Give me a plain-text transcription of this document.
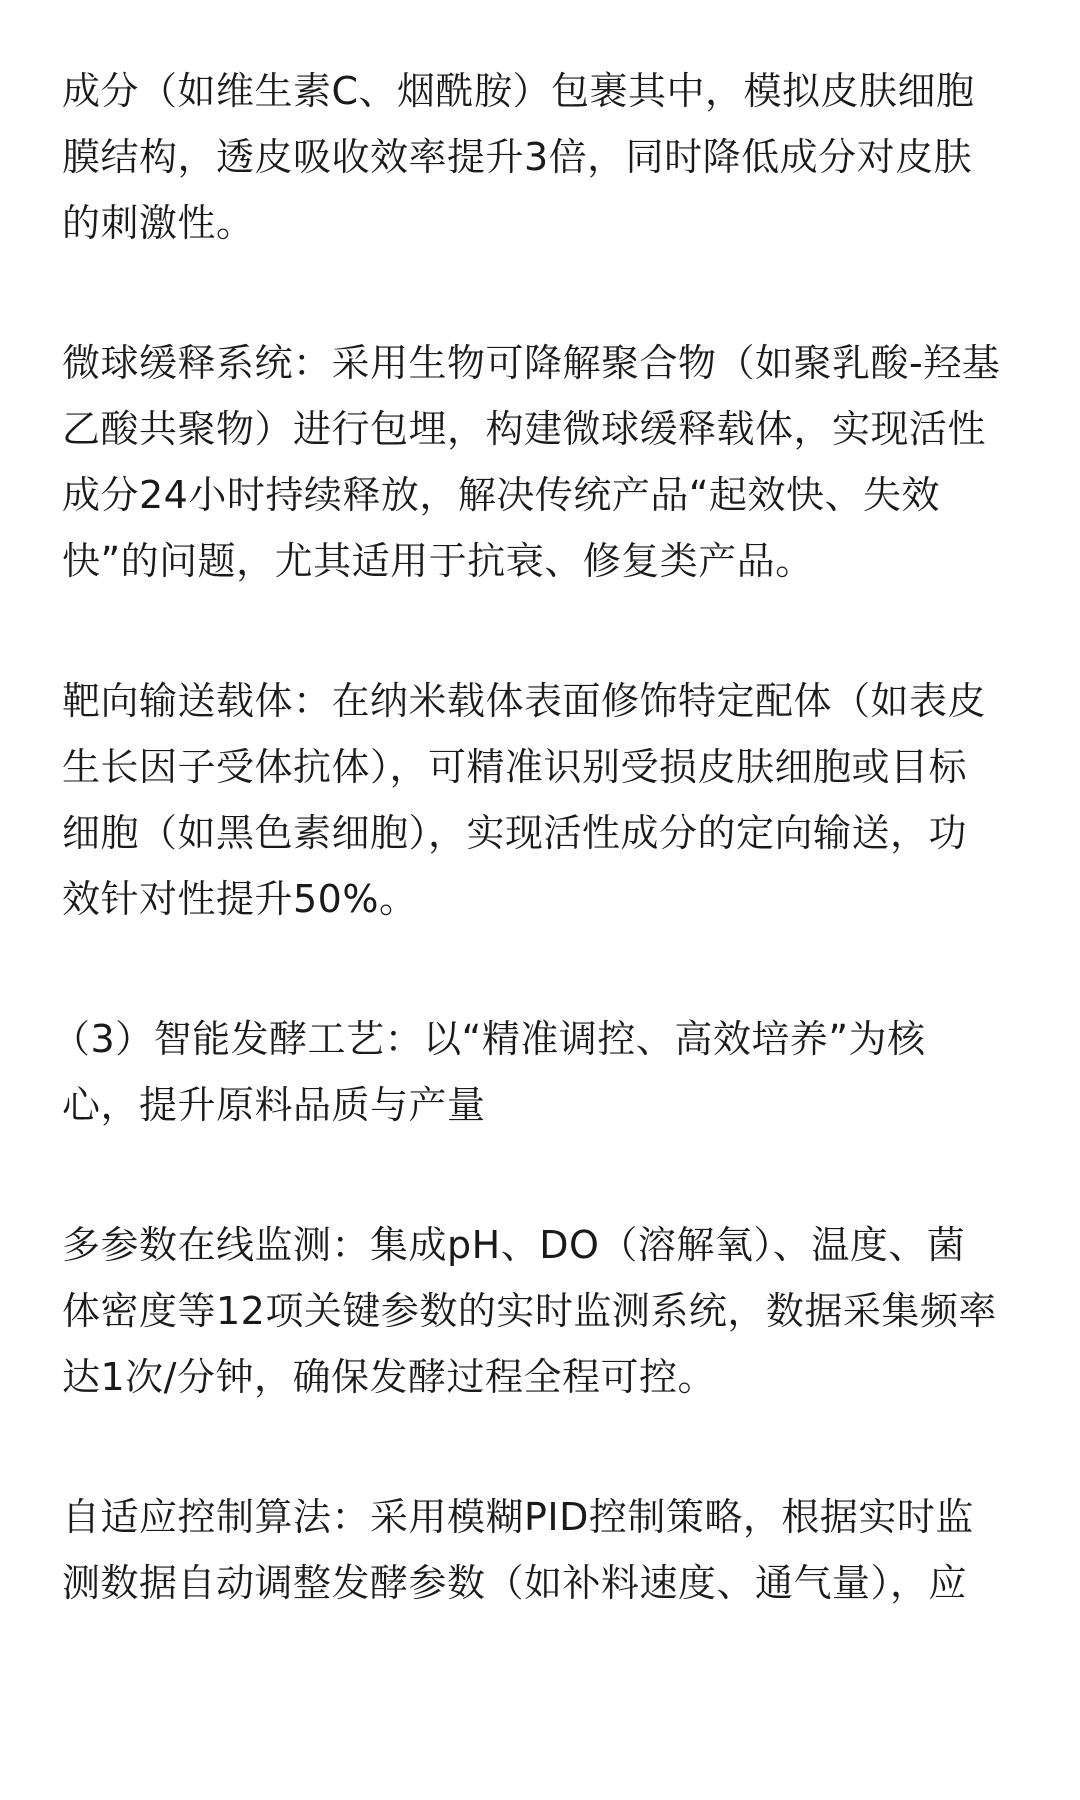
成分（如维生素C、烟酰胺）包裹其中，模拟皮肤细胞
膜结构，透皮吸收效率提升3倍，同时降低成分对皮肤
的刺激性。

微球缓释系统：采用生物可降解聚合物（如聚乳酸-羟基
乙酸共聚物）进行包埋，构建微球缓释载体，实现活性
成分24小时持续释放，解决传统产品“起效快、失效
快”的问题，尤其适用于抗衰、修复类产品。

靶向输送载体：在纳米载体表面修饰特定配体（如表皮
生长因子受体抗体），可精准识别受损皮肤细胞或目标
细胞（如黑色素细胞），实现活性成分的定向输送，功
效针对性提升50%。

（3）智能发酵工艺：以“精准调控、高效培养”为核
心，提升原料品质与产量

多参数在线监测：集成pH、DO（溶解氧）、温度、菌
体密度等12项关键参数的实时监测系统，数据采集频率
达1次/分钟，确保发酵过程全程可控。

自适应控制算法：采用模糊PID控制策略，根据实时监
测数据自动调整发酵参数（如补料速度、通气量），应
